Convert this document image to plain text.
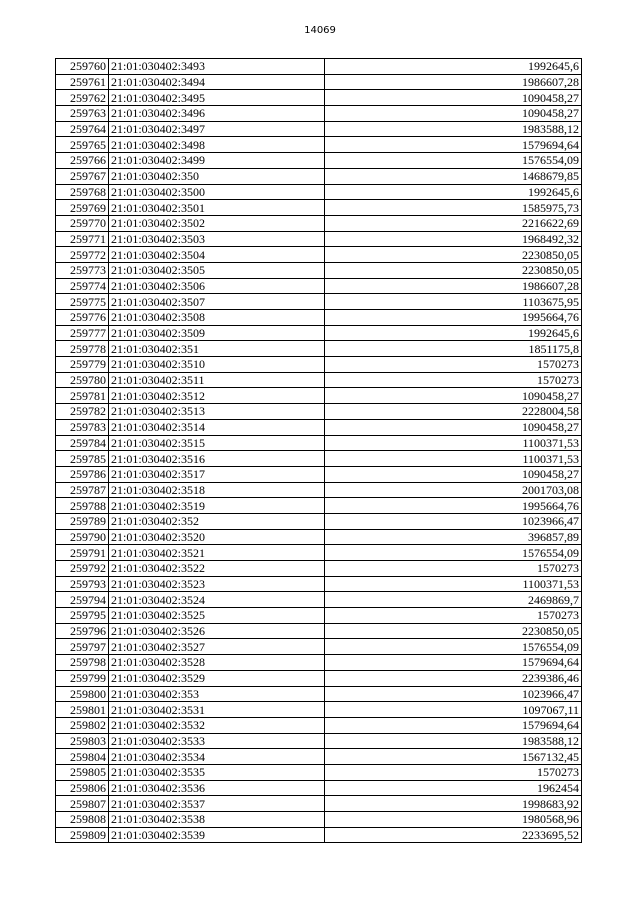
14069
259760	21:01:030402:3493	1992645,6
259761	21:01:030402:3494	1986607,28
259762	21:01:030402:3495	1090458,27
259763	21:01:030402:3496	1090458,27
259764	21:01:030402:3497	1983588,12
259765	21:01:030402:3498	1579694,64
259766	21:01:030402:3499	1576554,09
259767	21:01:030402:350	1468679,85
259768	21:01:030402:3500	1992645,6
259769	21:01:030402:3501	1585975,73
259770	21:01:030402:3502	2216622,69
259771	21:01:030402:3503	1968492,32
259772	21:01:030402:3504	2230850,05
259773	21:01:030402:3505	2230850,05
259774	21:01:030402:3506	1986607,28
259775	21:01:030402:3507	1103675,95
259776	21:01:030402:3508	1995664,76
259777	21:01:030402:3509	1992645,6
259778	21:01:030402:351	1851175,8
259779	21:01:030402:3510	1570273
259780	21:01:030402:3511	1570273
259781	21:01:030402:3512	1090458,27
259782	21:01:030402:3513	2228004,58
259783	21:01:030402:3514	1090458,27
259784	21:01:030402:3515	1100371,53
259785	21:01:030402:3516	1100371,53
259786	21:01:030402:3517	1090458,27
259787	21:01:030402:3518	2001703,08
259788	21:01:030402:3519	1995664,76
259789	21:01:030402:352	1023966,47
259790	21:01:030402:3520	396857,89
259791	21:01:030402:3521	1576554,09
259792	21:01:030402:3522	1570273
259793	21:01:030402:3523	1100371,53
259794	21:01:030402:3524	2469869,7
259795	21:01:030402:3525	1570273
259796	21:01:030402:3526	2230850,05
259797	21:01:030402:3527	1576554,09
259798	21:01:030402:3528	1579694,64
259799	21:01:030402:3529	2239386,46
259800	21:01:030402:353	1023966,47
259801	21:01:030402:3531	1097067,11
259802	21:01:030402:3532	1579694,64
259803	21:01:030402:3533	1983588,12
259804	21:01:030402:3534	1567132,45
259805	21:01:030402:3535	1570273
259806	21:01:030402:3536	1962454
259807	21:01:030402:3537	1998683,92
259808	21:01:030402:3538	1980568,96
259809	21:01:030402:3539	2233695,52
